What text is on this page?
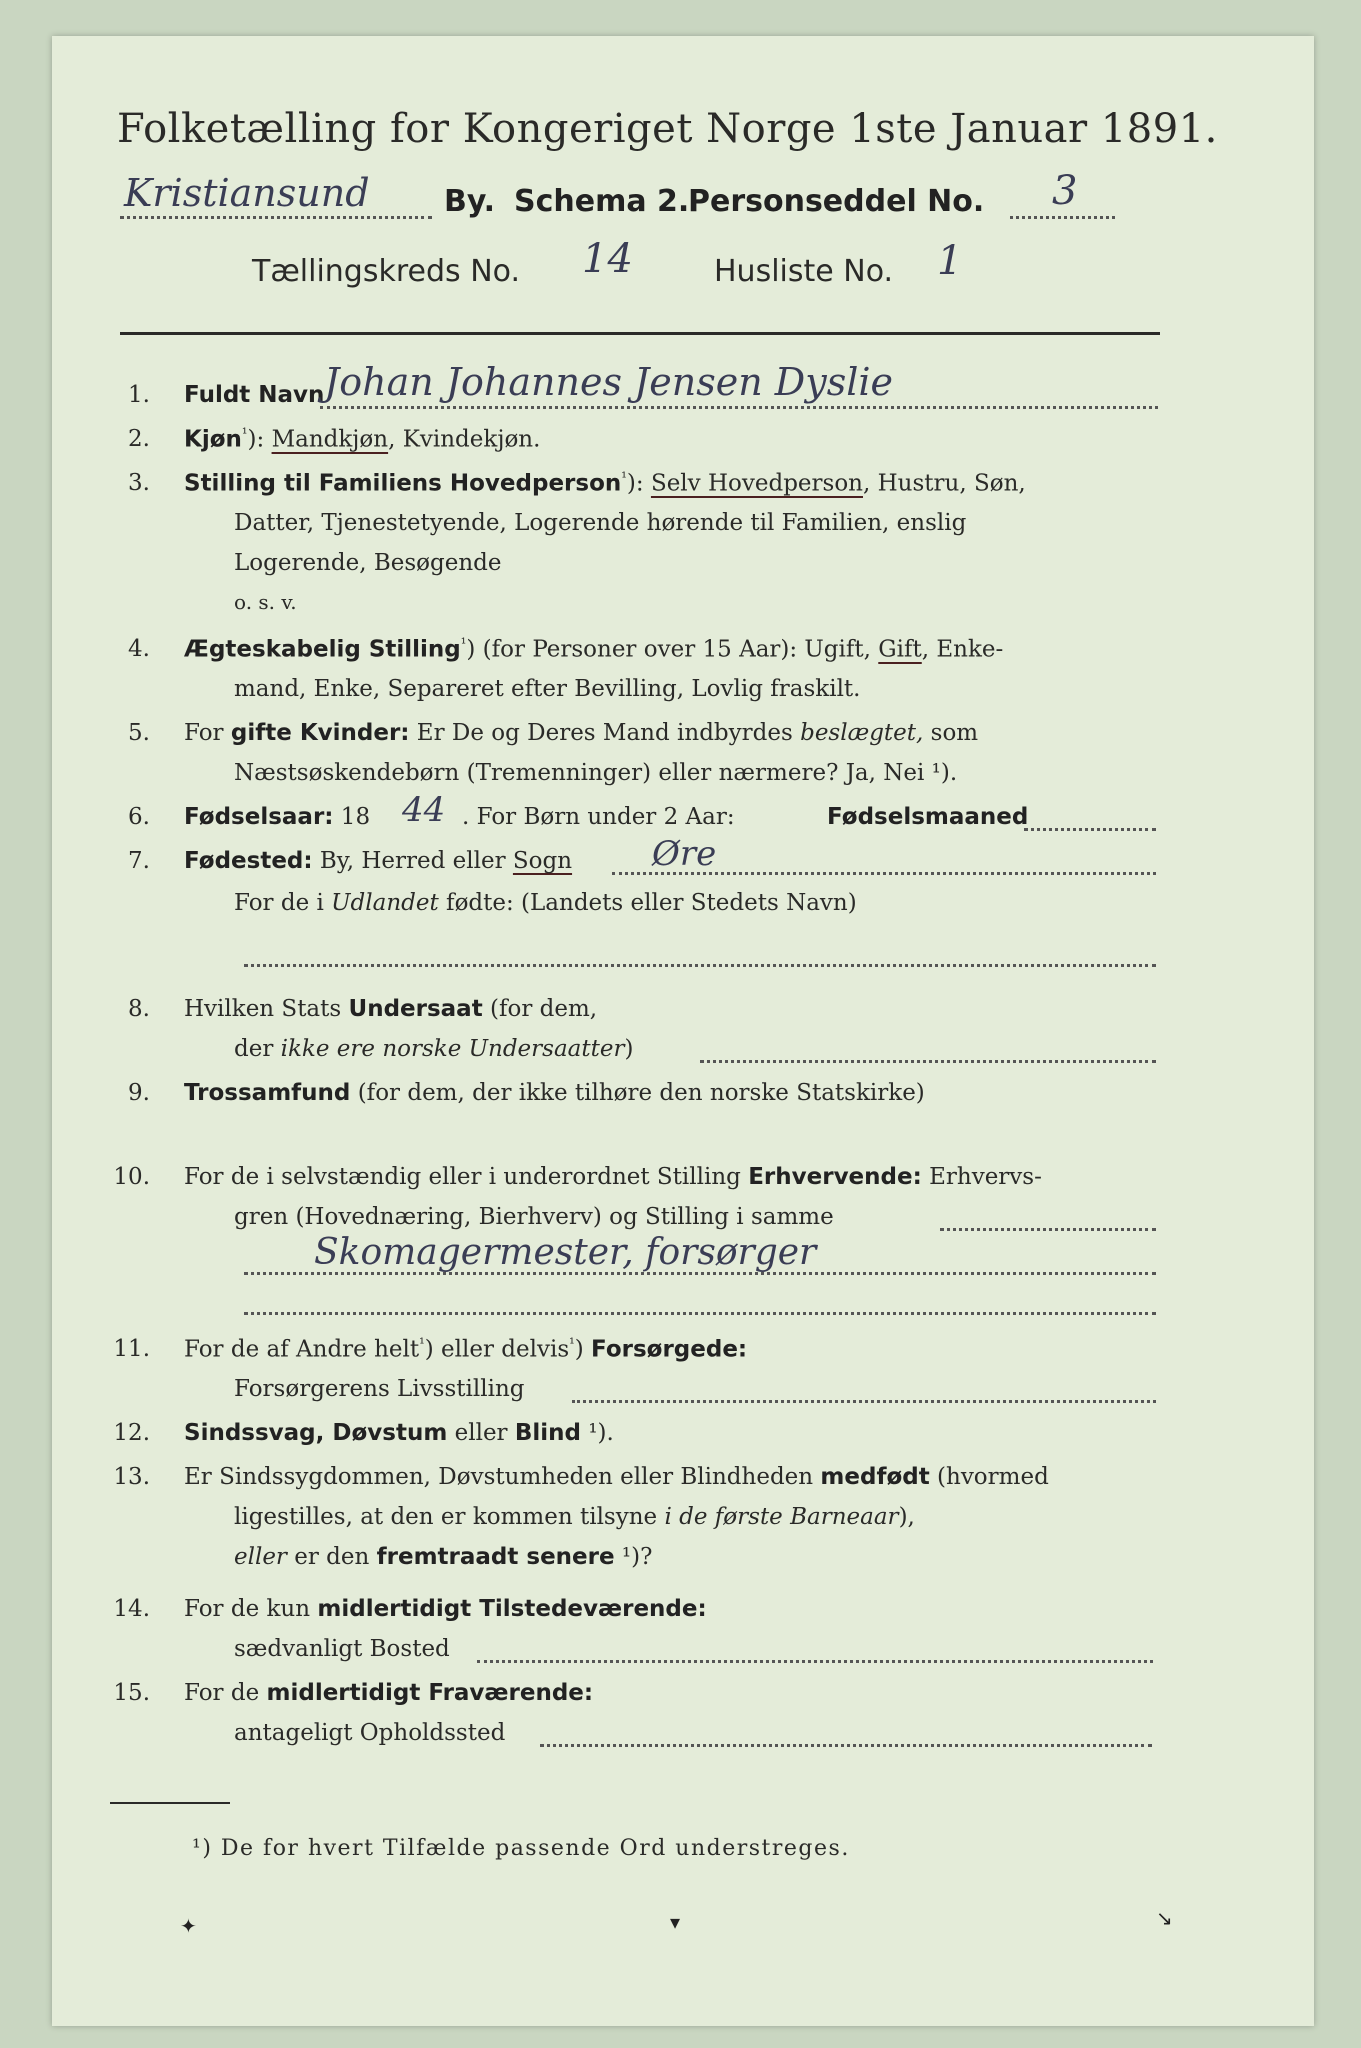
Folketælling for Kongeriget Norge 1ste Januar 1891.
Kristiansund By. Schema 2.
Personseddel No. 3
Tællingskreds No. 14	Husliste No. 1
1. Fuldt Navn Johan Johannes Jensen Dyslie
2. Kjøn$^{^1}$): Mandkjøn, Kvindekjøn.
3. Stilling til Familiens Hovedperson$^{^1}$): Selv Hovedperson, Hustru, Søn,
Datter, Tjenestetyende, Logerende hørende til Familien, enslig
Logerende, Besøgende
o. s. v.
4. Ægteskabelig Stilling$^{^1}$) (for Personer over 15 Aar): Ugift, Gift, Enke-
mand, Enke, Separeret efter Bevilling, Lovlig fraskilt.
5. For gifte Kvinder: Er De og Deres Mand indbyrdes beslægtet, som
Næstsøskendebørn (Tremenninger) eller nærmere? Ja, Nei ¹).
6. Fødselsaar: 18 44 . For Børn under 2 Aar:	Fødselsmaaned
7. Fødested: By, Herred eller Sogn Øre
For de i Udlandet fødte: (Landets eller Stedets Navn)
8. Hvilken Stats Undersaat (for dem,
der ikke ere norske Undersaatter)
9. Trossamfund (for dem, der ikke tilhøre den norske Statskirke)
10. For de i selvstændig eller i underordnet Stilling Erhvervende: Erhvervs-
gren (Hovednæring, Bierhverv) og Stilling i samme
Skomagermester, forsørger
11. For de af Andre helt$^{^1}$) eller delvis$^{^1}$) Forsørgede:
Forsørgerens Livsstilling
12. Sindssvag, Døvstum eller Blind ¹).
13. Er Sindssygdommen, Døvstumheden eller Blindheden medfødt (hvormed
ligestilles, at den er kommen tilsyne i de første Barneaar),
eller er den fremtraadt senere ¹)?
14. For de kun midlertidigt Tilstedeværende:
sædvanligt Bosted
15. For de midlertidigt Fraværende:
antageligt Opholdssted
¹) De for hvert Tilfælde passende Ord understreges.
✦	▾	↘
